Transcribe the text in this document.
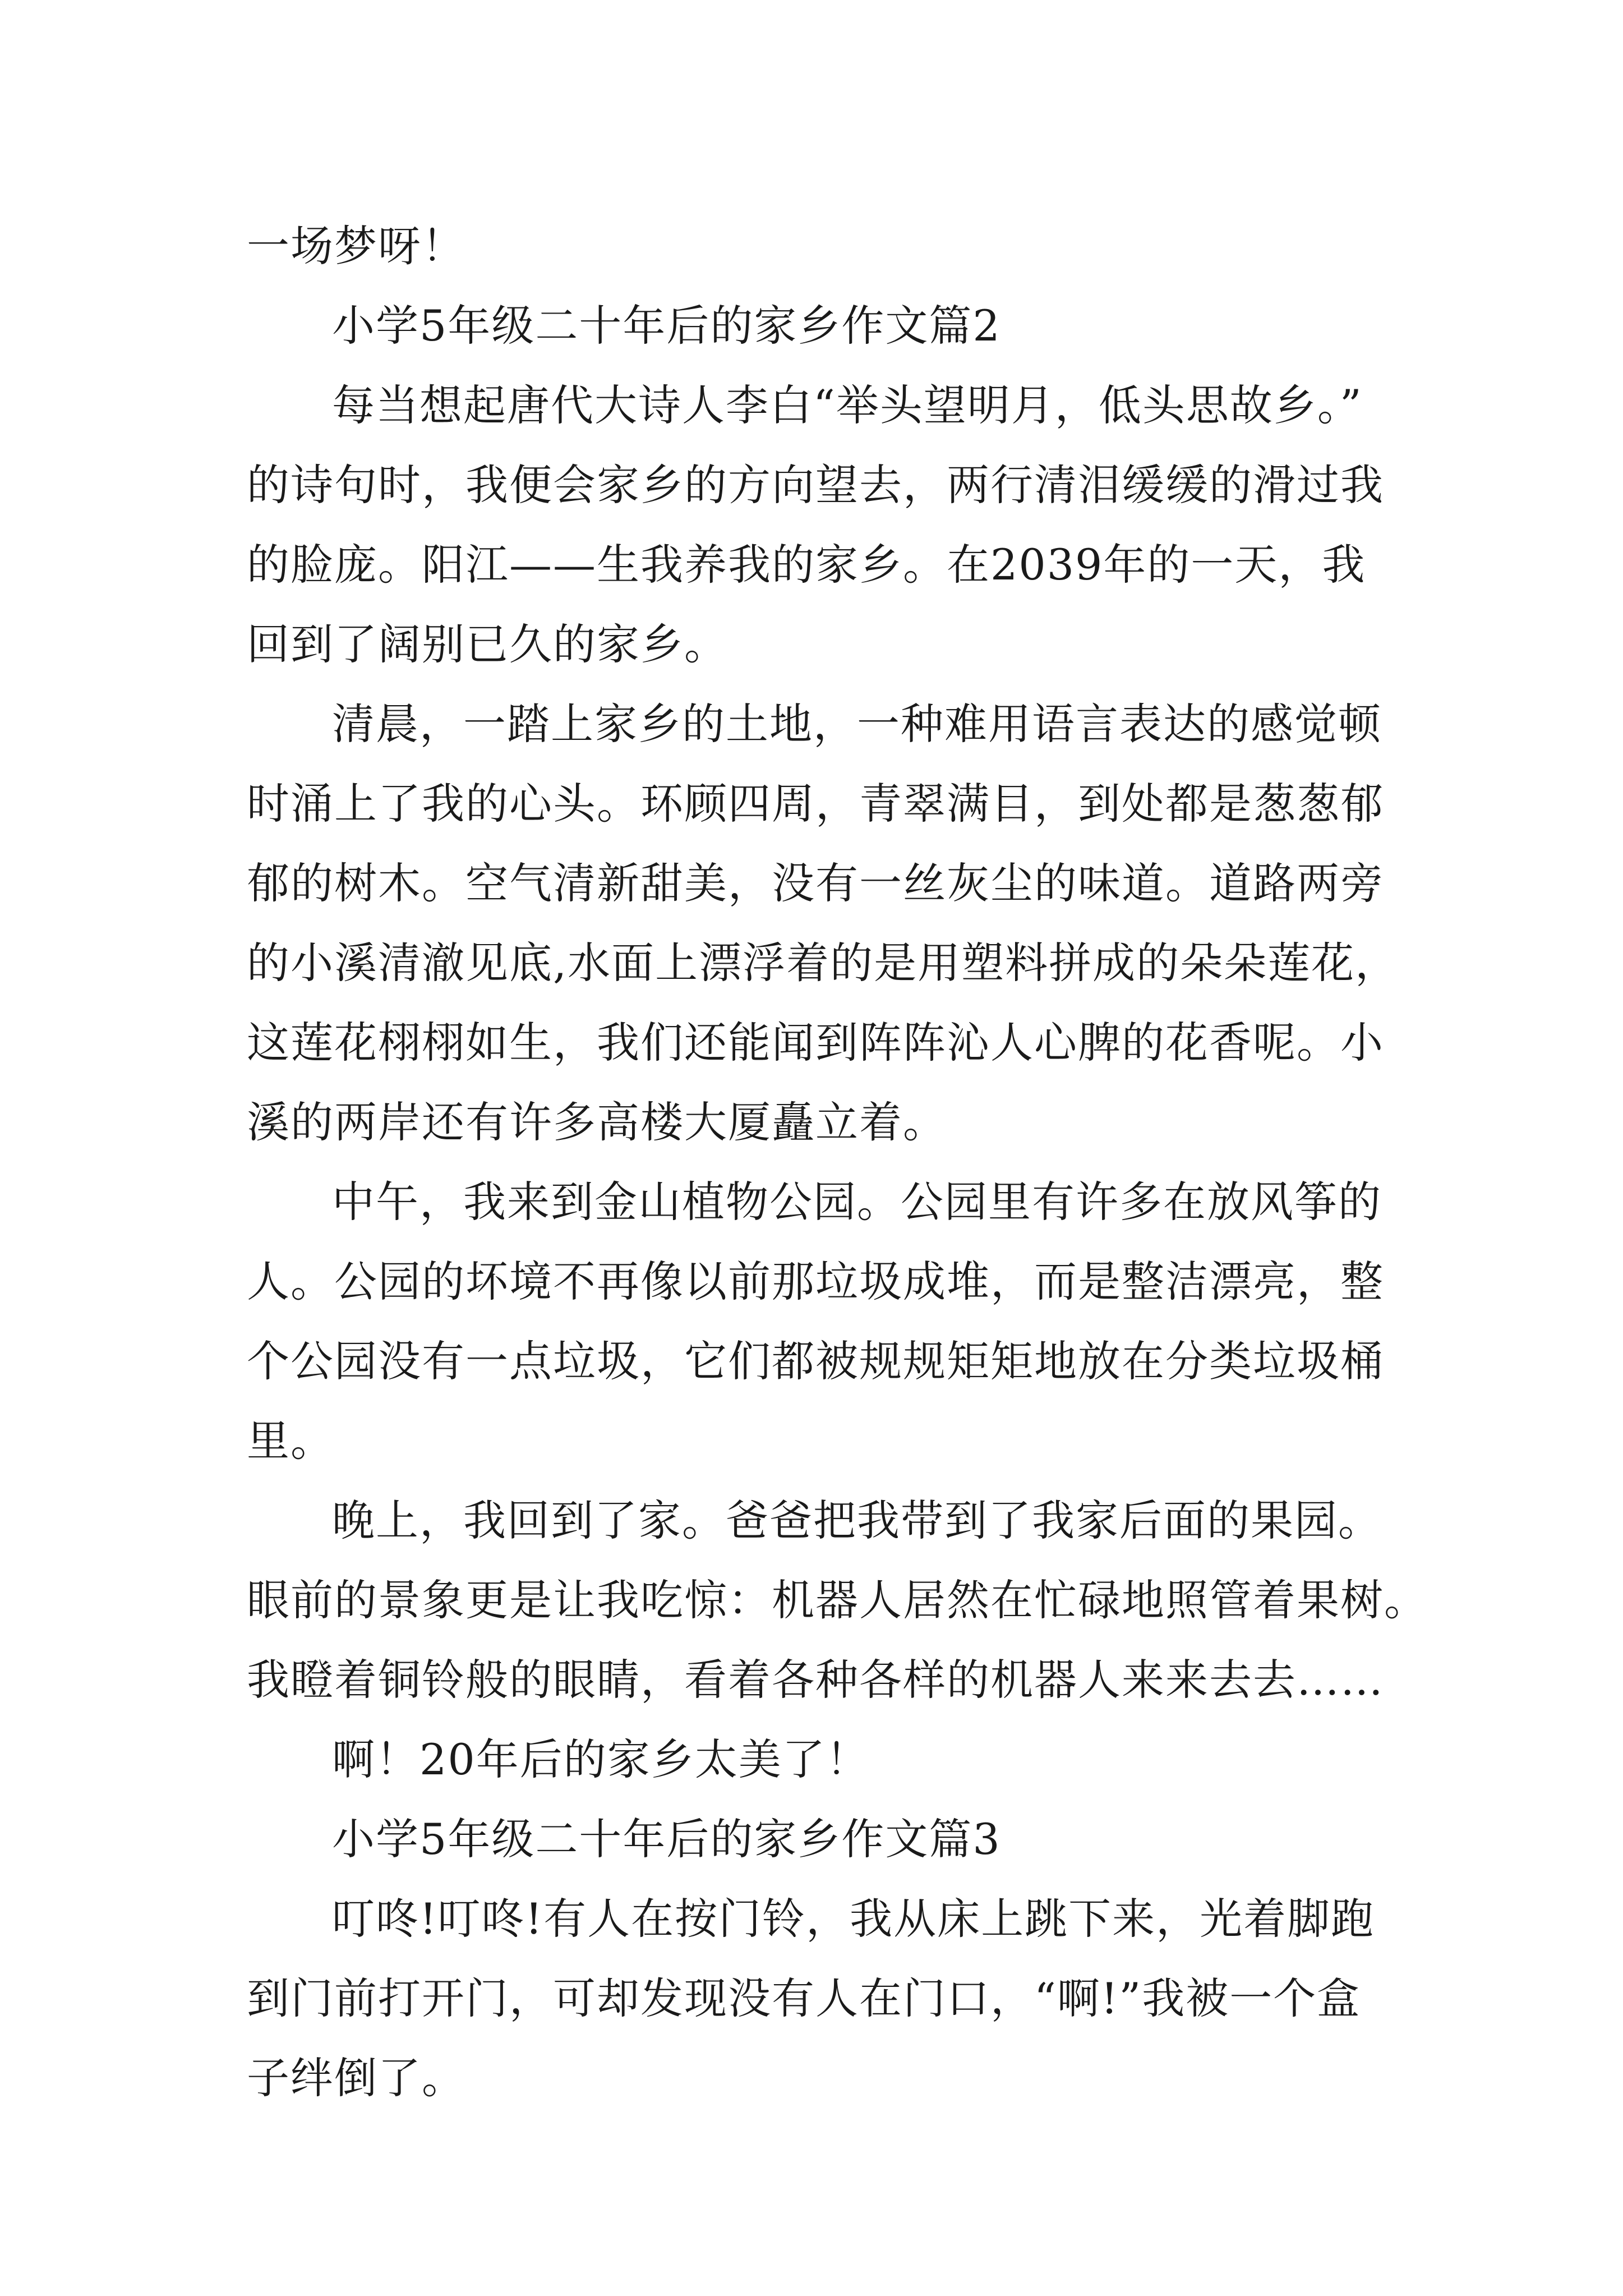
一场梦呀！
小学5年级二十年后的家乡作文篇2
每当想起唐代大诗人李白“举头望明月，低头思故乡。”
的诗句时，我便会家乡的方向望去，两行清泪缓缓的滑过我
的脸庞。阳江——生我养我的家乡。在2039年的一天，我
回到了阔别已久的家乡。
清晨，一踏上家乡的土地，一种难用语言表达的感觉顿
时涌上了我的心头。环顾四周，青翠满目，到处都是葱葱郁
郁的树木。空气清新甜美，没有一丝灰尘的味道。道路两旁
的小溪清澈见底,水面上漂浮着的是用塑料拼成的朵朵莲花，
这莲花栩栩如生，我们还能闻到阵阵沁人心脾的花香呢。小
溪的两岸还有许多高楼大厦矗立着。
中午，我来到金山植物公园。公园里有许多在放风筝的
人。公园的坏境不再像以前那垃圾成堆，而是整洁漂亮，整
个公园没有一点垃圾，它们都被规规矩矩地放在分类垃圾桶
里。
晚上，我回到了家。爸爸把我带到了我家后面的果园。
眼前的景象更是让我吃惊：机器人居然在忙碌地照管着果树。
我瞪着铜铃般的眼睛，看着各种各样的机器人来来去去……
啊！20年后的家乡太美了！
小学5年级二十年后的家乡作文篇3
叮咚!叮咚!有人在按门铃，我从床上跳下来，光着脚跑
到门前打开门，可却发现没有人在门口，“啊!”我被一个盒
子绊倒了。
